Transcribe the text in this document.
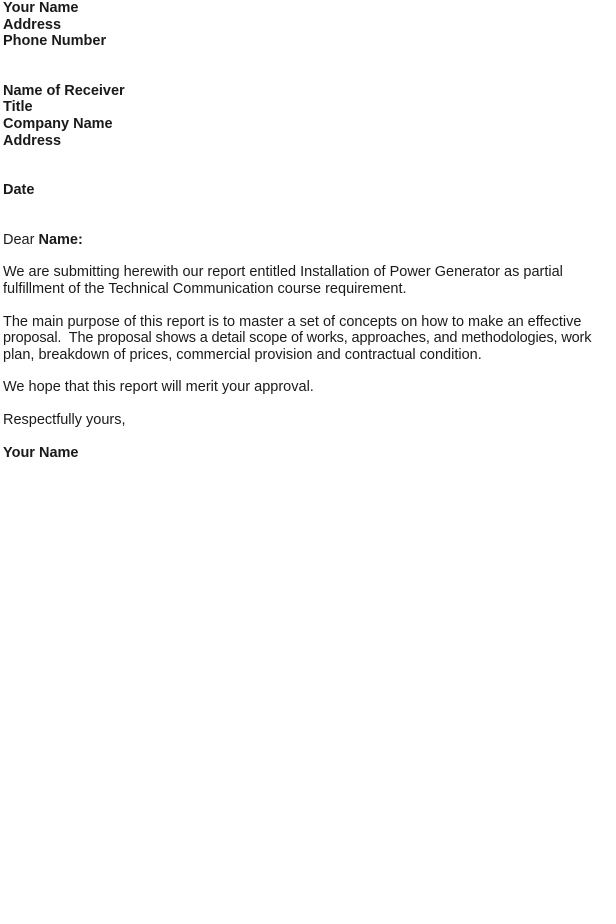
Your Name
Address
Phone Number
Name of Receiver
Title
Company Name
Address
Date
Dear Name:
We are submitting herewith our report entitled Installation of Power Generator as partial
fulfillment of the Technical Communication course requirement.
The main purpose of this report is to master a set of concepts on how to make an effective
proposal.  The proposal shows a detail scope of works, approaches, and methodologies, work
plan, breakdown of prices, commercial provision and contractual condition.
We hope that this report will merit your approval.
Respectfully yours,
Your Name
